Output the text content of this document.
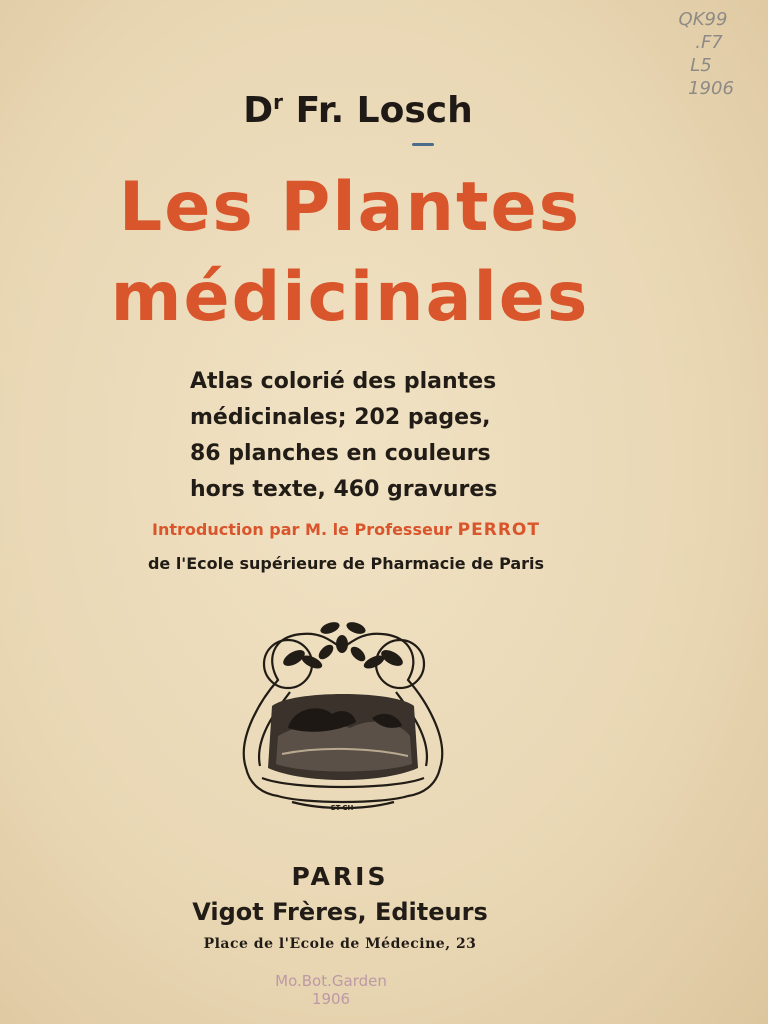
QK99
.F7
L5
1906
$D^r$ Fr. Losch
Les Plantes
médicinales
Atlas colorié des plantes
médicinales; 202 pages,
86 planches en couleurs
hors texte, 460 gravures
Introduction par M. le Professeur PERROT
de l'Ecole supérieure de Pharmacie de Paris
ST-CH
PARIS
Vigot Frères, Editeurs
Place de l'Ecole de Médecine, 23
Mo.Bot.Garden
1906
